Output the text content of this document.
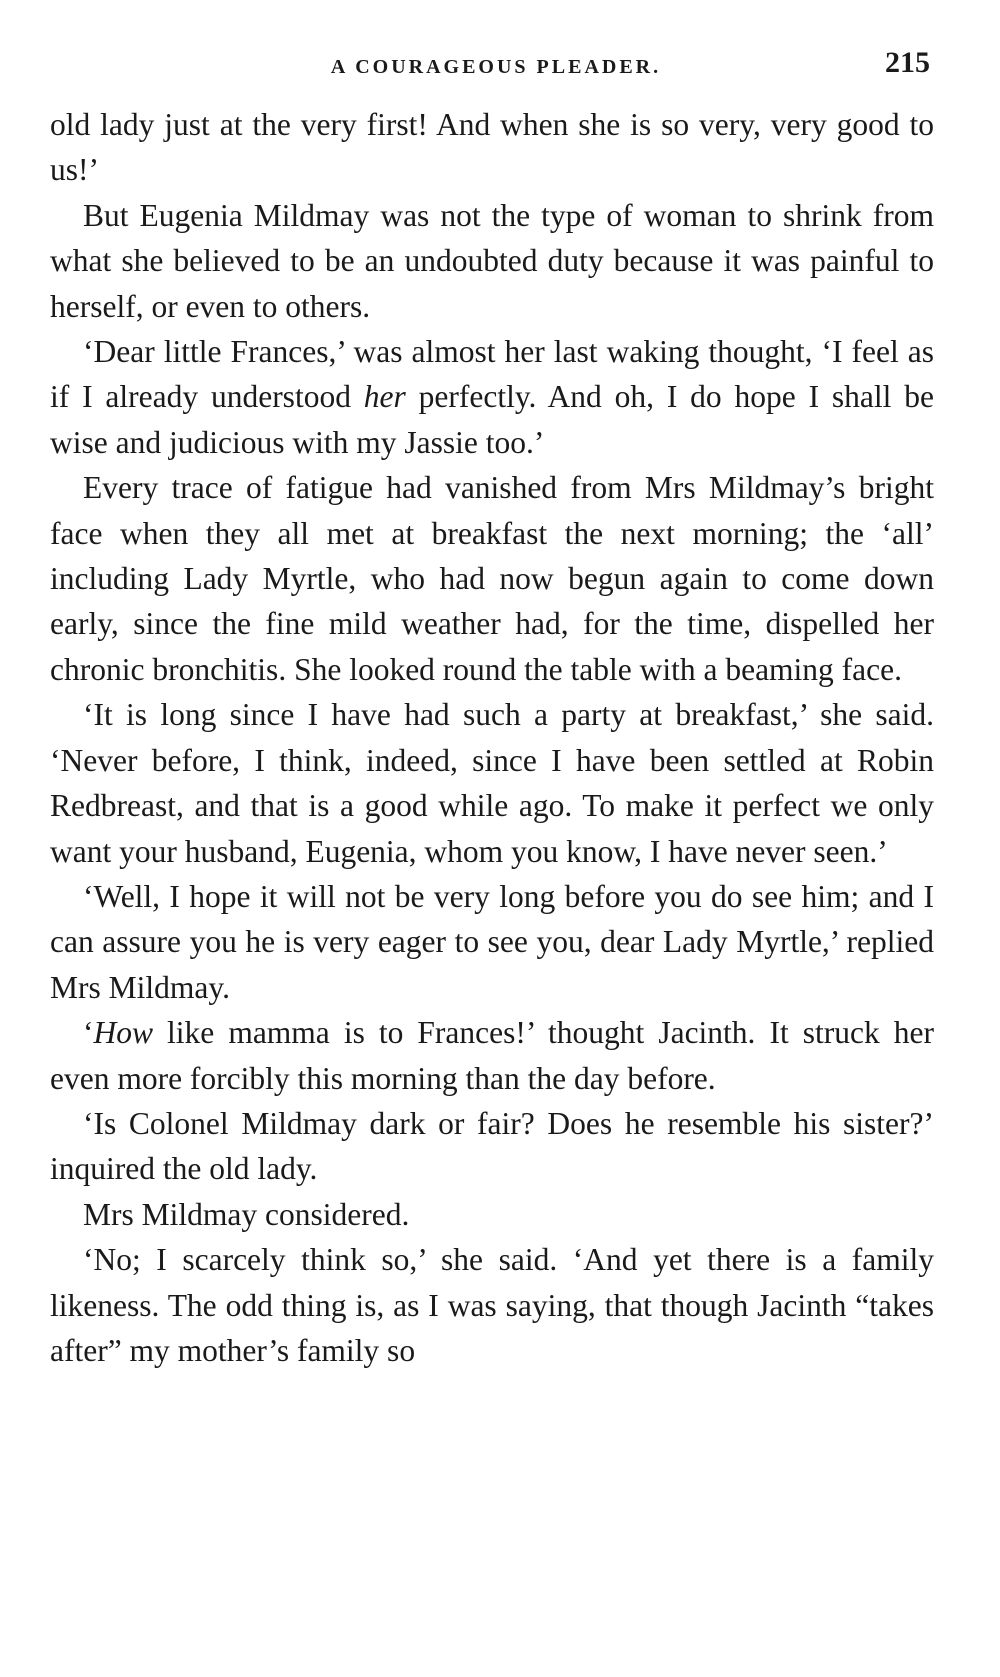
A COURAGEOUS PLEADER.	215

old lady just at the very first! And when she is so very, very good to us!’

But Eugenia Mildmay was not the type of woman to shrink from what she believed to be an undoubted duty because it was painful to herself, or even to others.

‘Dear little Frances,’ was almost her last waking thought, ‘I feel as if I already understood her perfectly. And oh, I do hope I shall be wise and judicious with my Jassie too.’

Every trace of fatigue had vanished from Mrs Mildmay’s bright face when they all met at breakfast the next morning; the ‘all’ including Lady Myrtle, who had now begun again to come down early, since the fine mild weather had, for the time, dispelled her chronic bronchitis. She looked round the table with a beaming face.

‘It is long since I have had such a party at breakfast,’ she said. ‘Never before, I think, indeed, since I have been settled at Robin Redbreast, and that is a good while ago. To make it perfect we only want your husband, Eugenia, whom you know, I have never seen.’

‘Well, I hope it will not be very long before you do see him; and I can assure you he is very eager to see you, dear Lady Myrtle,’ replied Mrs Mildmay.

‘How like mamma is to Frances!’ thought Jacinth. It struck her even more forcibly this morning than the day before.

‘Is Colonel Mildmay dark or fair? Does he resemble his sister?’ inquired the old lady.

Mrs Mildmay considered.

‘No; I scarcely think so,’ she said. ‘And yet there is a family likeness. The odd thing is, as I was saying, that though Jacinth “takes after” my mother’s family so
